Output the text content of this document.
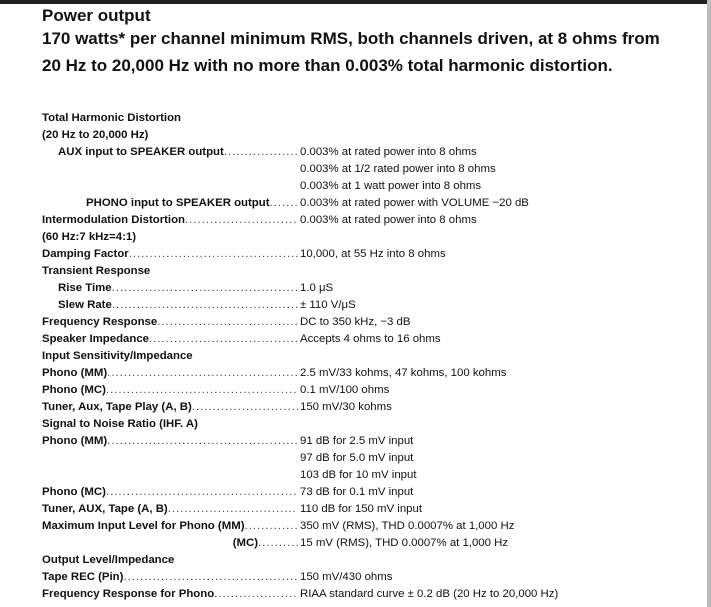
Power output
170 watts* per channel minimum RMS, both channels driven, at 8 ohms from 20 Hz to 20,000 Hz with no more than 0.003% total harmonic distortion.
Total Harmonic Distortion
(20 Hz to 20,000 Hz)
AUX input to SPEAKER output .....	0.003% at rated power into 8 ohms
0.003% at 1/2 rated power into 8 ohms
0.003% at 1 watt power into 8 ohms
PHONO input to SPEAKER output .....	0.003% at rated power with VOLUME −20 dB
Intermodulation Distortion .....	0.003% at rated power into 8 ohms
(60 Hz:7 kHz=4:1)
Damping Factor .....	10,000, at 55 Hz into 8 ohms
Transient Response
Rise Time .....	1.0 μS
Slew Rate .....	± 110 V/μS
Frequency Response .....	DC to 350 kHz, −3 dB
Speaker Impedance .....	Accepts 4 ohms to 16 ohms
Input Sensitivity/Impedance
Phono (MM) .....	2.5 mV/33 kohms, 47 kohms, 100 kohms
Phono (MC) .....	0.1 mV/100 ohms
Tuner, Aux, Tape Play (A, B) .....	150 mV/30 kohms
Signal to Noise Ratio (IHF. A)
Phono (MM) .....	91 dB for 2.5 mV input
97 dB for 5.0 mV input
103 dB for 10 mV input
Phono (MC) .....	73 dB for 0.1 mV input
Tuner, AUX, Tape (A, B) .....	110 dB for 150 mV input
Maximum Input Level for Phono (MM) .....	350 mV (RMS), THD 0.0007% at 1,000 Hz
(MC) .....	15 mV (RMS), THD 0.0007% at 1,000 Hz
Output Level/Impedance
Tape REC (Pin) .....	150 mV/430 ohms
Frequency Response for Phono .....	RIAA standard curve ± 0.2 dB (20 Hz to 20,000 Hz)
